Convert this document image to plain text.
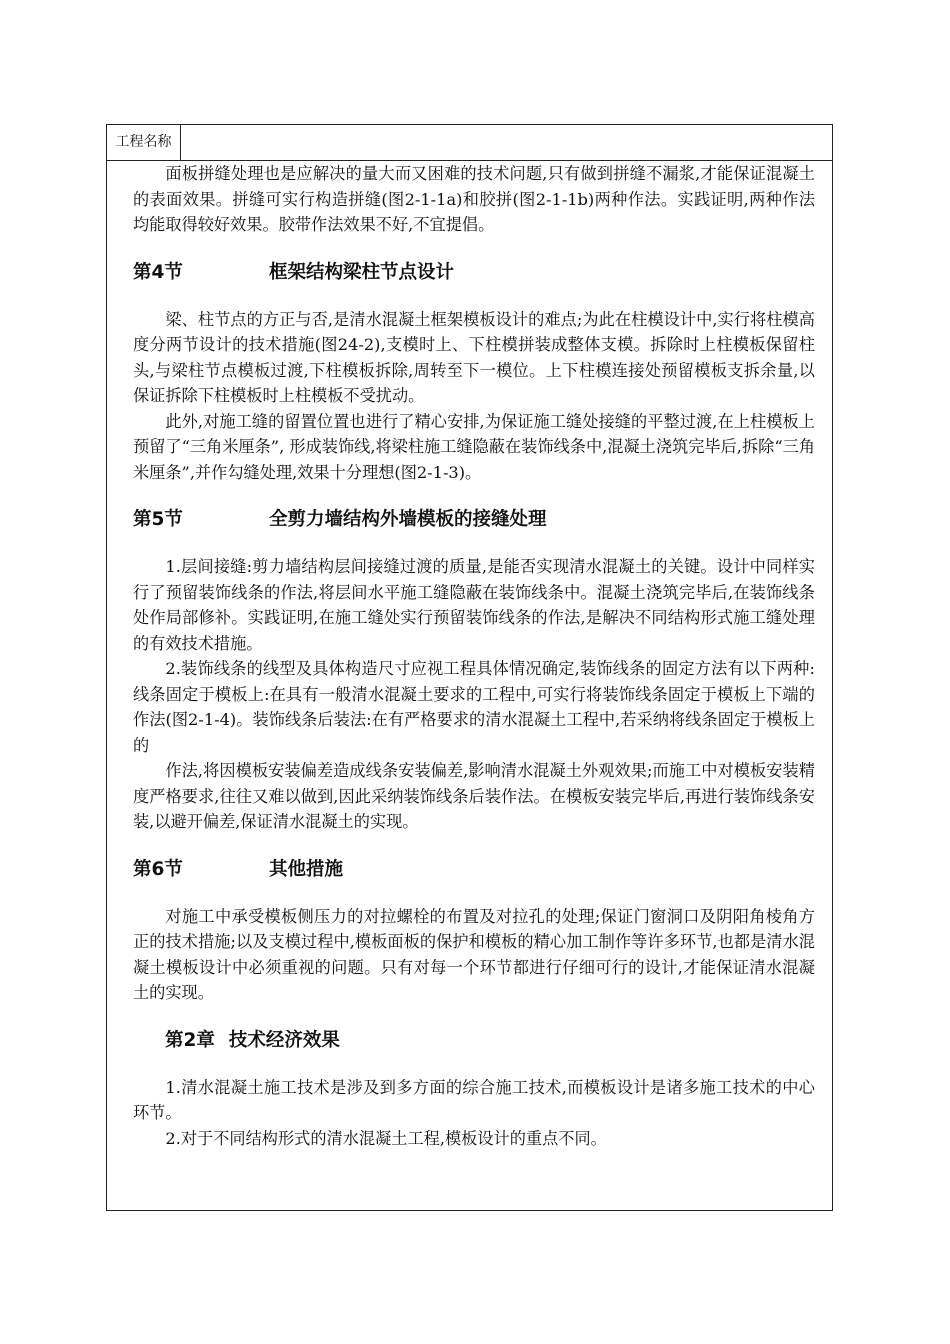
工程名称

面板拼缝处理也是应解决的量大而又困难的技术问题,只有做到拼缝不漏浆,才能保证混凝土的表面效果。拼缝可实行构造拼缝(图2-1-1a)和胶拼(图2-1-1b)两种作法。实践证明,两种作法均能取得较好效果。胶带作法效果不好,不宜提倡。

第4节	框架结构梁柱节点设计

梁、柱节点的方正与否,是清水混凝土框架模板设计的难点;为此在柱模设计中,实行将柱模高度分两节设计的技术措施(图24-2),支模时上、下柱模拼装成整体支模。拆除时上柱模板保留柱头,与梁柱节点模板过渡,下柱模板拆除,周转至下一模位。上下柱模连接处预留模板支拆余量,以保证拆除下柱模板时上柱模板不受扰动。

此外,对施工缝的留置位置也进行了精心安排,为保证施工缝处接缝的平整过渡,在上柱模板上预留了“三角米厘条”, 形成装饰线,将梁柱施工缝隐蔽在装饰线条中,混凝土浇筑完毕后,拆除“三角米厘条”,并作勾缝处理,效果十分理想(图2-1-3)。

第5节	全剪力墙结构外墙模板的接缝处理

1.层间接缝:剪力墙结构层间接缝过渡的质量,是能否实现清水混凝土的关键。设计中同样实行了预留装饰线条的作法,将层间水平施工缝隐蔽在装饰线条中。混凝土浇筑完毕后,在装饰线条处作局部修补。实践证明,在施工缝处实行预留装饰线条的作法,是解决不同结构形式施工缝处理的有效技术措施。

2.装饰线条的线型及具体构造尺寸应视工程具体情况确定,装饰线条的固定方法有以下两种:线条固定于模板上:在具有一般清水混凝土要求的工程中,可实行将装饰线条固定于模板上下端的作法(图2-1-4)。装饰线条后装法:在有严格要求的清水混凝土工程中,若采纳将线条固定于模板上的

作法,将因模板安装偏差造成线条安装偏差,影响清水混凝土外观效果;而施工中对模板安装精度严格要求,往往又难以做到,因此采纳装饰线条后装作法。在模板安装完毕后,再进行装饰线条安装,以避开偏差,保证清水混凝土的实现。

第6节	其他措施

对施工中承受模板侧压力的对拉螺栓的布置及对拉孔的处理;保证门窗洞口及阴阳角棱角方正的技术措施;以及支模过程中,模板面板的保护和模板的精心加工制作等许多环节,也都是清水混凝土模板设计中必须重视的问题。只有对每一个环节都进行仔细可行的设计,才能保证清水混凝土的实现。

第2章 技术经济效果

1.清水混凝土施工技术是涉及到多方面的综合施工技术,而模板设计是诸多施工技术的中心环节。

2.对于不同结构形式的清水混凝土工程,模板设计的重点不同。
